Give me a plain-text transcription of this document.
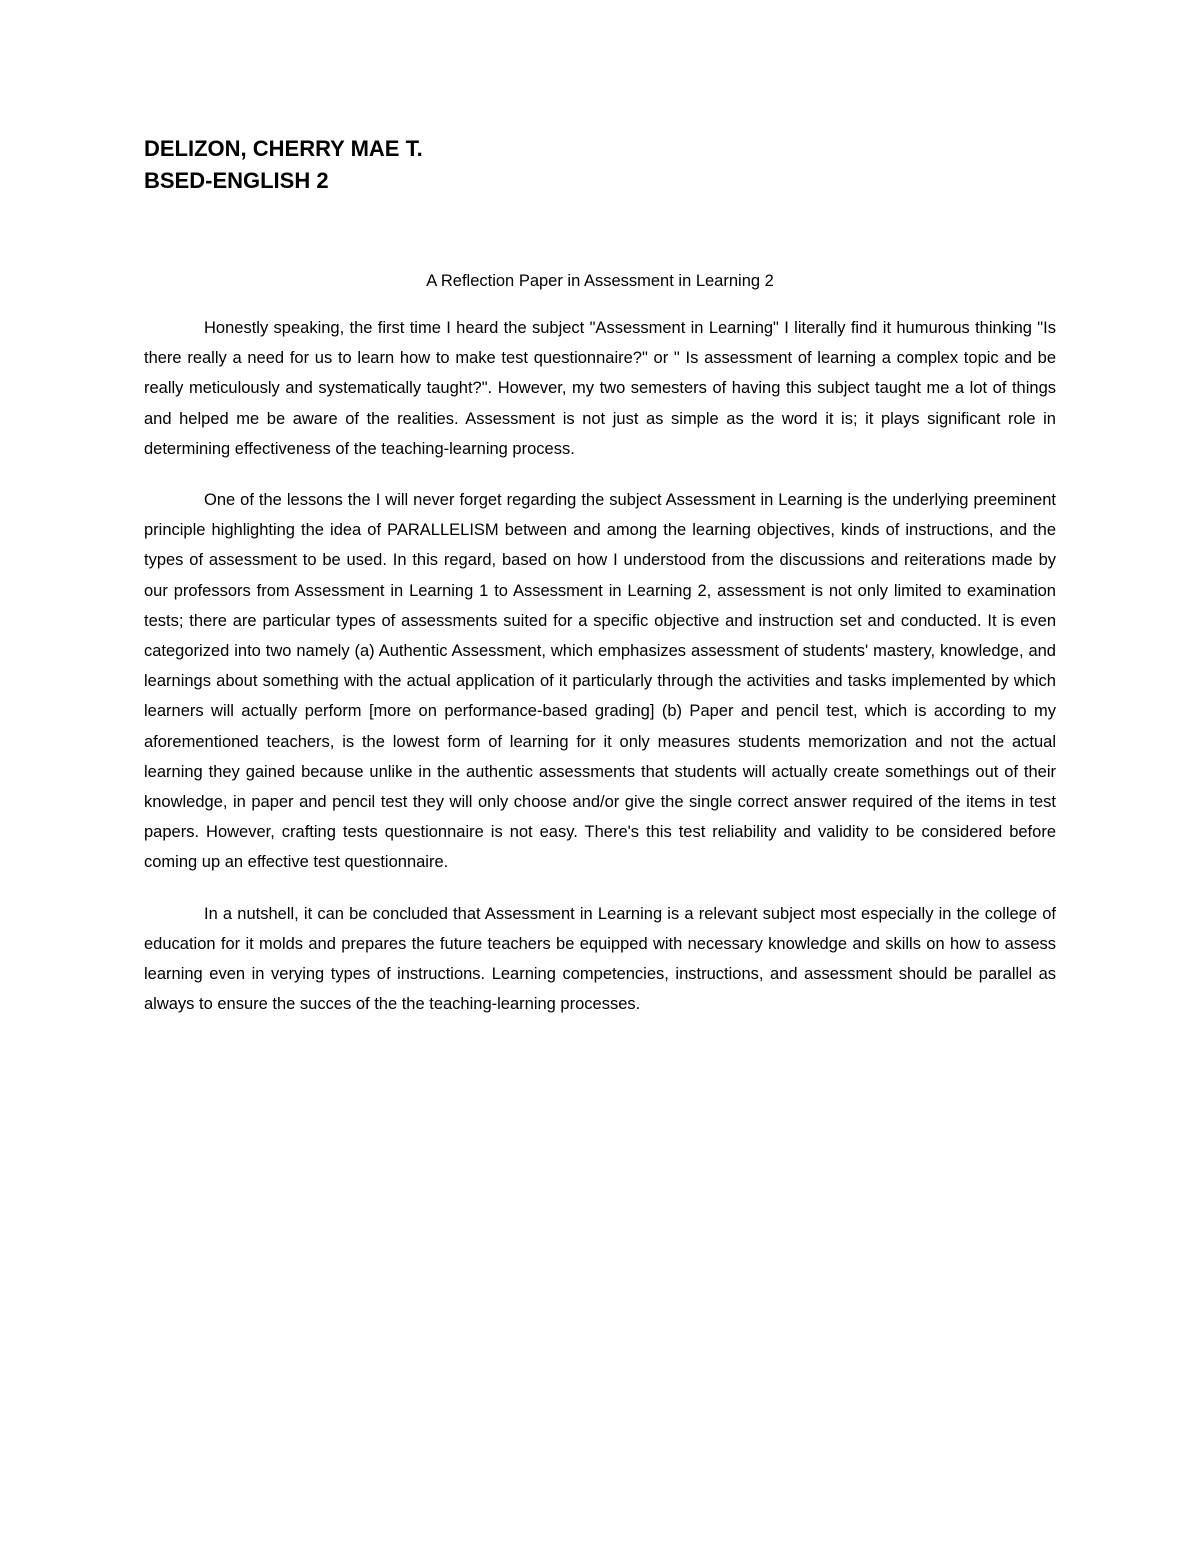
DELIZON, CHERRY MAE T.

BSED-ENGLISH 2

A Reflection Paper in Assessment in Learning 2

Honestly speaking, the first time I heard the subject "Assessment in Learning" I literally find it humurous thinking "Is there really a need for us to learn how to make test questionnaire?" or " Is assessment of learning a complex topic and be really meticulously and systematically taught?". However, my two semesters of having this subject taught me a lot of things and helped me be aware of the realities. Assessment is not just as simple as the word it is; it plays significant role in determining effectiveness of the teaching-learning process.

One of the lessons the I will never forget regarding the subject Assessment in Learning is the underlying preeminent principle highlighting the idea of PARALLELISM between and among the learning objectives, kinds of instructions, and the types of assessment to be used. In this regard, based on how I understood from the discussions and reiterations made by our professors from Assessment in Learning 1 to Assessment in Learning 2, assessment is not only limited to examination tests; there are particular types of assessments suited for a specific objective and instruction set and conducted. It is even categorized into two namely (a) Authentic Assessment, which emphasizes assessment of students' mastery, knowledge, and learnings about something with the actual application of it particularly through the activities and tasks implemented by which learners will actually perform [more on performance-based grading] (b) Paper and pencil test, which is according to my aforementioned teachers, is the lowest form of learning for it only measures students memorization and not the actual learning they gained because unlike in the authentic assessments that students will actually create somethings out of their knowledge, in paper and pencil test they will only choose and/or give the single correct answer required of the items in test papers. However, crafting tests questionnaire is not easy. There's this test reliability and validity to be considered before coming up an effective test questionnaire.

In a nutshell, it can be concluded that Assessment in Learning is a relevant subject most especially in the college of education for it molds and prepares the future teachers be equipped with necessary knowledge and skills on how to assess learning even in verying types of instructions. Learning competencies, instructions, and assessment should be parallel as always to ensure the succes of the the teaching-learning processes.
